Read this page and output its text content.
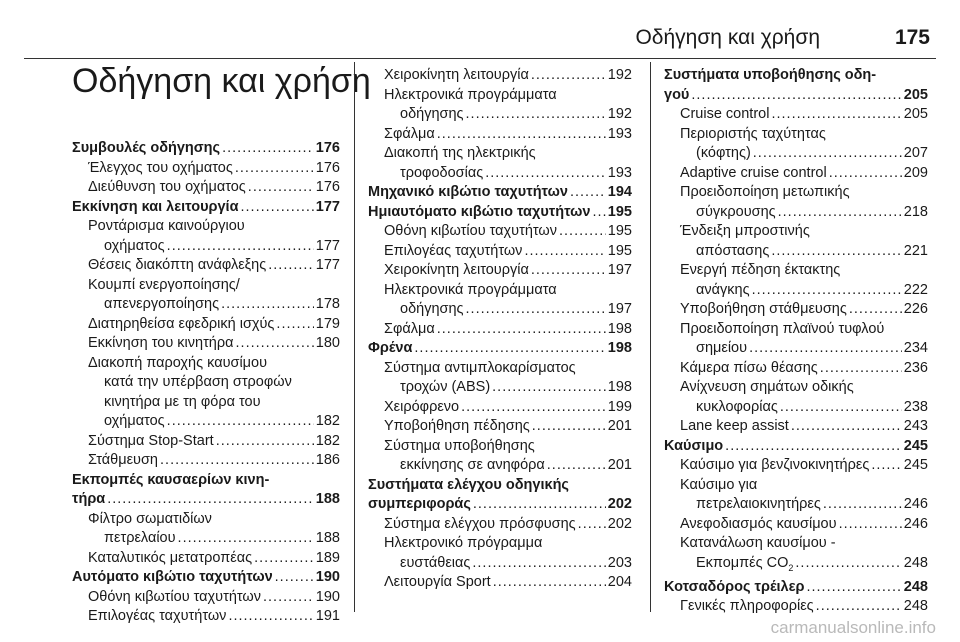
Οδήγηση και χρήση	175
Οδήγηση και χρήση
Συμβουλές οδήγησης .....	176
Έλεγχος του οχήματος .....	176
Διεύθυνση του οχήματος .....	176
Εκκίνηση και λειτουργία .....	177
Ροντάρισμα καινούργιου
οχήματος .....	177
Θέσεις διακόπτη ανάφλεξης .....	177
Κουμπί ενεργοποίησης/
απενεργοποίησης .....	178
Διατηρηθείσα εφεδρική ισχύς .....	179
Εκκίνηση του κινητήρα .....	180
Διακοπή παροχής καυσίμου
κατά την υπέρβαση στροφών
κινητήρα με τη φόρα του
οχήματος .....	182
Σύστημα Stop-Start .....	182
Στάθμευση .....	186
Εκπομπές καυσαερίων κινη-
τήρα .....	188
Φίλτρο σωματιδίων
πετρελαίου .....	188
Καταλυτικός μετατροπέας .....	189
Αυτόματο κιβώτιο ταχυτήτων .....	190
Οθόνη κιβωτίου ταχυτήτων .....	190
Επιλογέας ταχυτήτων .....	191
Χειροκίνητη λειτουργία .....	192
Ηλεκτρονικά προγράμματα
οδήγησης .....	192
Σφάλμα .....	193
Διακοπή της ηλεκτρικής
τροφοδοσίας .....	193
Μηχανικό κιβώτιο ταχυτήτων .....	194
Ημιαυτόματο κιβώτιο ταχυτήτων ..... 195
Οθόνη κιβωτίου ταχυτήτων .....	195
Επιλογέας ταχυτήτων .....	195
Χειροκίνητη λειτουργία .....	197
Ηλεκτρονικά προγράμματα
οδήγησης .....	197
Σφάλμα .....	198
Φρένα .....	198
Σύστημα αντιμπλοκαρίσματος
τροχών (ABS) .....	198
Χειρόφρενο .....	199
Υποβοήθηση πέδησης .....	201
Σύστημα υποβοήθησης
εκκίνησης σε ανηφόρα .....	201
Συστήματα ελέγχου οδηγικής
συμπεριφοράς .....	202
Σύστημα ελέγχου πρόσφυσης ..... 202
Ηλεκτρονικό πρόγραμμα
ευστάθειας .....	203
Λειτουργία Sport .....	204
Συστήματα υποβοήθησης οδη-
γού .....	205
Cruise control .....	205
Περιοριστής ταχύτητας
(κόφτης) .....	207
Adaptive cruise control .....	209
Προειδοποίηση μετωπικής
σύγκρουσης .....	218
Ένδειξη μπροστινής
απόστασης .....	221
Ενεργή πέδηση έκτακτης
ανάγκης .....	222
Υποβοήθηση στάθμευσης .....	226
Προειδοποίηση πλαϊνού τυφλού
σημείου .....	234
Κάμερα πίσω θέασης .....	236
Ανίχνευση σημάτων οδικής
κυκλοφορίας .....	238
Lane keep assist .....	243
Καύσιμο .....	245
Καύσιμο για βενζινοκινητήρες ..... 245
Καύσιμο για
πετρελαιοκινητήρες .....	246
Ανεφοδιασμός καυσίμου .....	246
Κατανάλωση καυσίμου -
Εκπομπές $CO_2$ .....	248
Κοτσαδόρος τρέιλερ .....	248
Γενικές πληροφορίες .....	248
carmanualsonline.info
